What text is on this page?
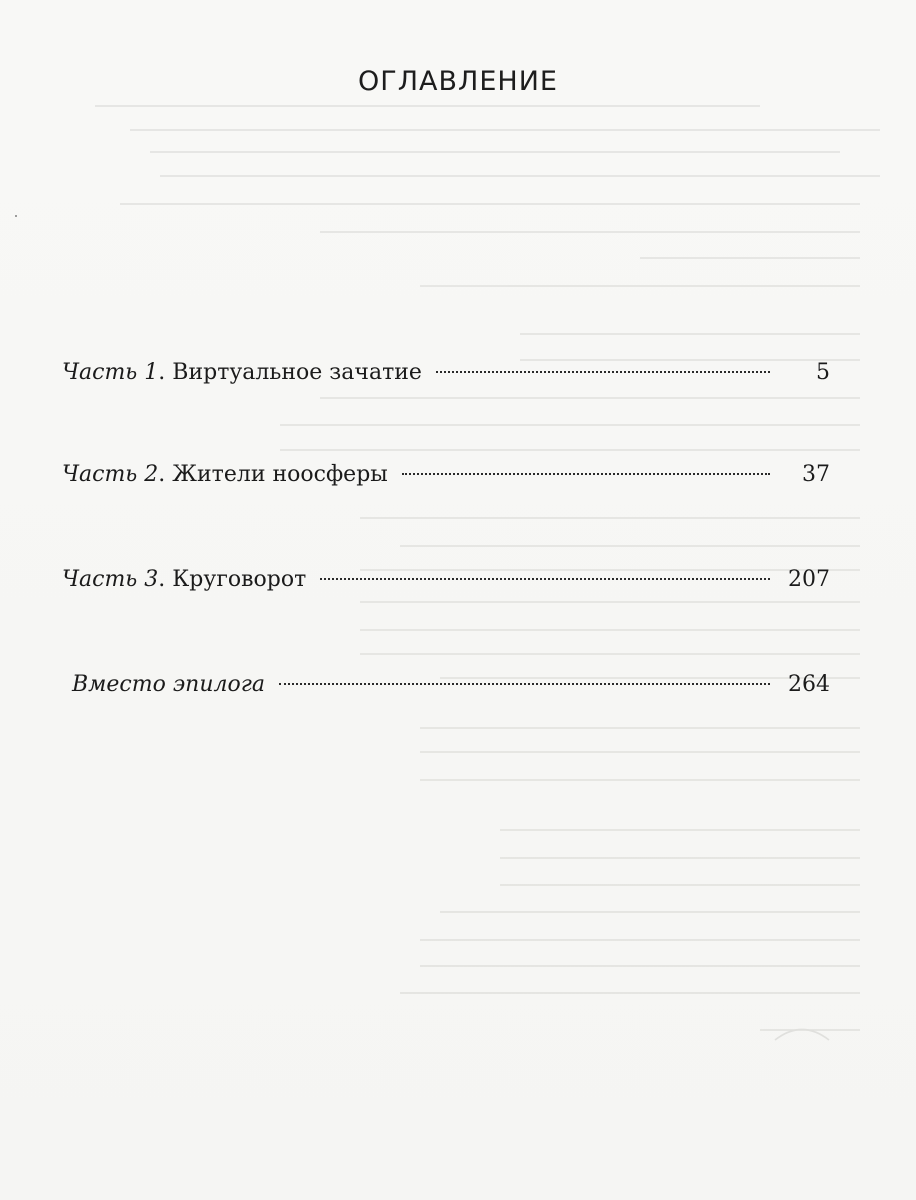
ОГЛАВЛЕНИЕ
Часть 1. Виртуальное зачатие	5
Часть 2. Жители ноосферы	37
Часть 3. Круговорот	207
Вместо эпилога	264
